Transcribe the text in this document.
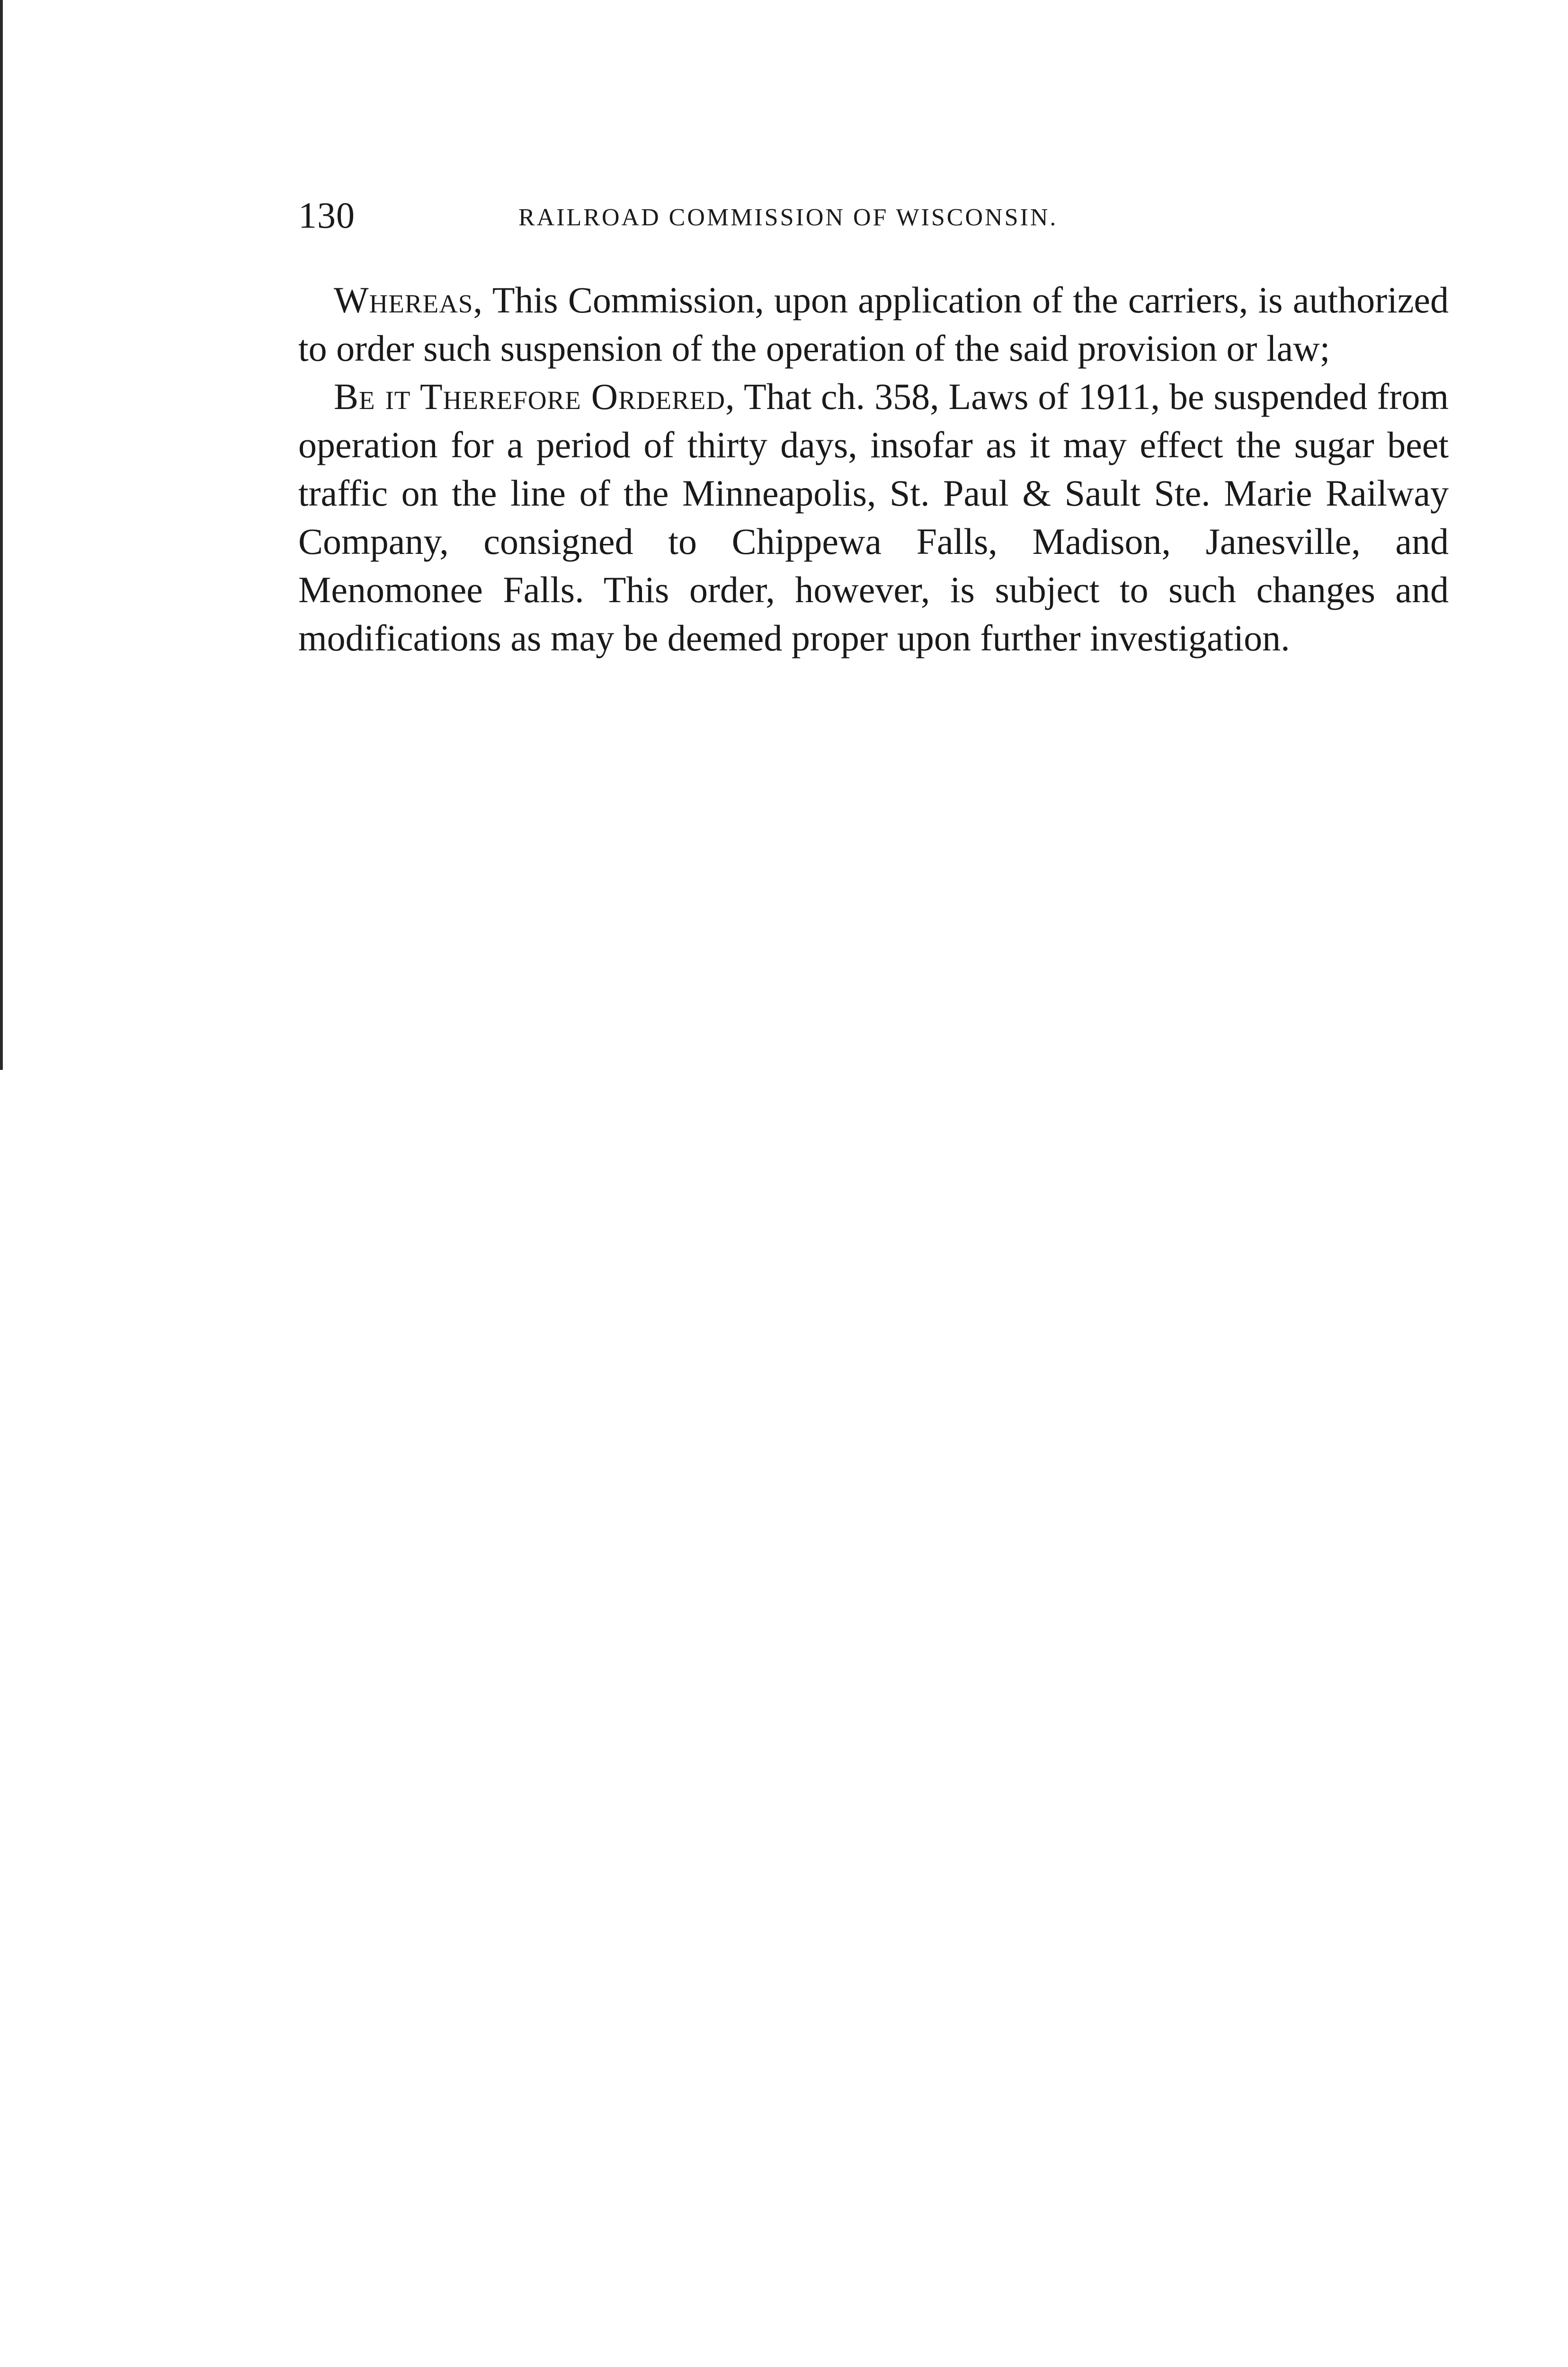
130	RAILROAD COMMISSION OF WISCONSIN.

Whereas, This Commission, upon application of the carriers, is authorized to order such suspension of the operation of the said provision or law;

Be it Therefore Ordered, That ch. 358, Laws of 1911, be suspended from operation for a period of thirty days, insofar as it may effect the sugar beet traffic on the line of the Minneapolis, St. Paul & Sault Ste. Marie Railway Company, consigned to Chippewa Falls, Madison, Janesville, and Menomonee Falls. This order, however, is subject to such changes and modifications as may be deemed proper upon further investigation.
